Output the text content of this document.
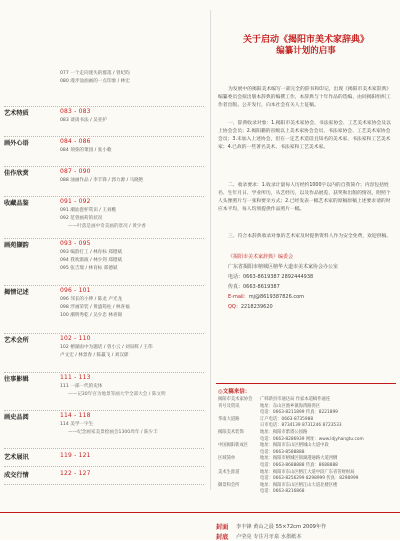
077 一个走向迷失的群落 / 曾纪昀
080 漫步汕油画的一点印象 / 林宏
艺术特质	083 - 083
083 谈谈书法 / 吴亚护
画外心语	084 - 086
084 须弥的菜园 / 张小歌
佳作欣赏	087 - 090
088 油画作品 / 李丰锋 / 郭力源 / 马晓艳
收藏品鉴	091 - 092
091 潮汕瓷杯赏识 / 王刘樵
092 范曾画荷的状况
——叶落是画中奇美画的景况 / 黄少香
画苑撷韵	093 - 095
093 编韵打工 / 林育标 郑德斌
094 我吹渐演 / 林少剑 郑德斌
095 张吉瑞 / 林育标 郑德斌
揭情记述	096 - 101
096 邻长的小伸 / 陈龙 卢光龙
098 浮画荣装 / 黄盛筠柱 / 林喜福
100 潮明秀乾 / 吴少忠 林喜锦
艺术会所	102 - 110
102 榕湖雨中为题话 / 曾小云 / 刘泉辉 / 王伟
卢文宏 / 林景春 / 陈赢飞 / 刘汉澎
往事影辑	111 - 113
111 一部一代的史体
——记30年宫为地景等画大学全部大会 / 陈文明
画史品阅	114 - 118
114 美学一字生
——纪念画家美景绘画会1300周年 / 陈少丰
艺术展讯	119 - 121
成交行情	122 - 127
关于启动《揭阳市美术家辞典》
编纂计划的启事
为发展中的揭阳美术编写一部完全的辞书和印记，出现《揭阳市美术家辞典》编纂委员会拟出版本辞典的编撰工作，本辞典与十年作品的选编，由同揭阳组织工作者出版。公开发行，向本社会有关人士征稿。
一、辞典收录对象：1.揭阳市美术家协会、书法家协会、工艺美术家协会及以上协会会员；2.揭阳籍的省级以上美术家协会会员、书法家协会、工艺美术家协会会员；3.未加入上述协会，但在一定艺术造诣且知名的美术家、书法家和工艺美术家；4.已故的一些著名美术、书法家和工艺美术家。
二、收录要求：1.收录计量每人历经约1000字以内的自我简介；内容包括姓名、生年月日、学业所历，从艺经历，以及作品展览、获奖和出版的情况，附照个人头像照片与一张和要亲方式；2.已经发表一幅艺术家的原稿原稿上述要求请的时应本平均，每人均须提供作品照片一幅。
三、符合本辞典收录对象的艺术家及时提供资料人作为安全免费，欢迎供稿。
《揭阳市美术家辞典》编委会
广东省揭阳市榕城区榕华大道市美术家协会办公室
电话：0663-8619387 2892444938
传真：0663-8619387
E-mail：mj@8619387826.com
QQ：2218239620
◎文稿来信：
揭阳市美术家协会	广韩新县市通达局 作家本道稿件通连
刊号及资讯	地址：东山区渔乡镇海湾路湾区
电话：0663-8211899 传真：8221899
华南大道路	订户电话：0663-8735988
日市电话：8734139 8731246 8723533
揭阳美术装饰	地址：揭阳市紫塔公园路
电话：0663-8286939 网址：www.ldjyhangtu.com
中国揭阳新成区	地址：揭阳市东山区榕城山大道中段
电话：0663-8588888
区域简单	地址：揭阳市榕城区锦湖港通路大道西侧
电话：0663-8688888 传真：8688888
美术生涯道	地址：揭阳市东山区榕江大道中段广东省管财财局
电话：0663-8256299 8298999 传真：8298999
御景和会所	地址：揭阳市东山区榕江山大道北楼区楼
电话：0663-8216868
封面 李丰锋 黄山之晨 55×72cm 2009年作
封底 卢莹亮 专注月牙泉 水墨纸本
